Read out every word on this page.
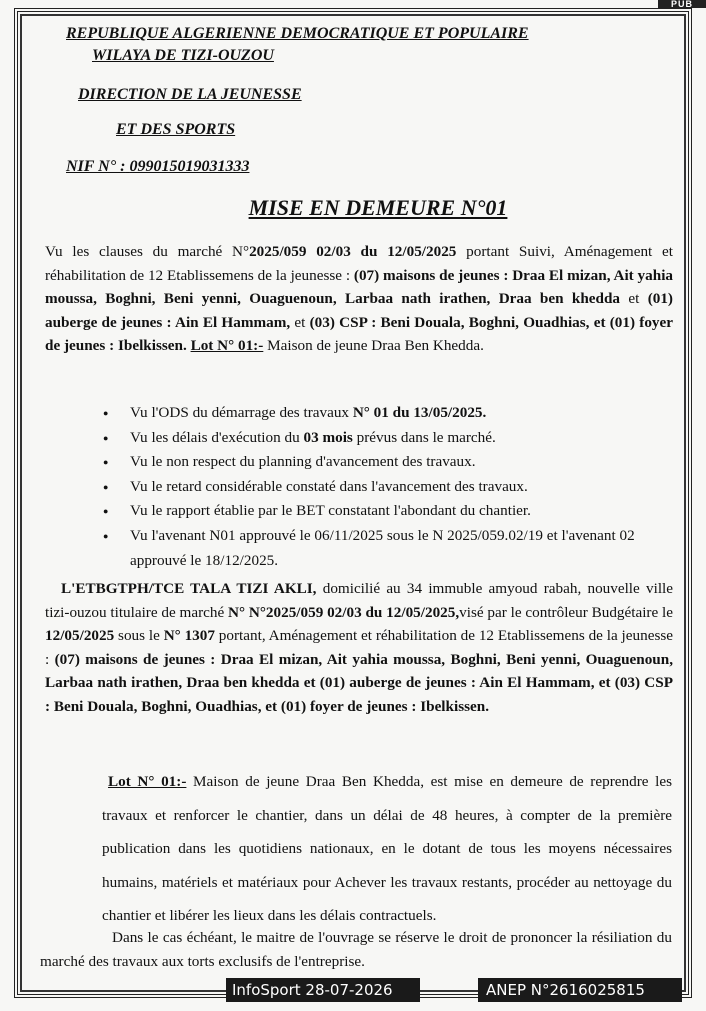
PUB
REPUBLIQUE ALGERIENNE DEMOCRATIQUE ET POPULAIRE
WILAYA DE TIZI-OUZOU
DIRECTION DE LA JEUNESSE
ET DES SPORTS
NIF N° : 099015019031333
MISE EN DEMEURE N°01
Vu les clauses du marché N°2025/059 02/03 du 12/05/2025 portant Suivi, Aménagement et réhabilitation de 12 Etablissemens de la jeunesse : (07) maisons de jeunes : Draa El mizan, Ait yahia moussa, Boghni, Beni yenni, Ouaguenoun, Larbaa nath irathen, Draa ben khedda et (01) auberge de jeunes : Ain El Hammam, et (03) CSP : Beni Douala, Boghni, Ouadhias, et (01) foyer de jeunes : Ibelkissen. Lot N° 01:- Maison de jeune Draa Ben Khedda.
● Vu l'ODS du démarrage des travaux N° 01 du 13/05/2025.
● Vu les délais d'exécution du 03 mois prévus dans le marché.
● Vu le non respect du planning d'avancement des travaux.
● Vu le retard considérable constaté dans l'avancement des travaux.
● Vu le rapport établie par le BET constatant l'abondant du chantier.
● Vu l'avenant N01 approuvé le 06/11/2025 sous le N 2025/059.02/19 et l'avenant 02 approuvé le 18/12/2025.
L'ETBGTPH/TCE TALA TIZI AKLI, domicilié au 34 immuble amyoud rabah, nouvelle ville tizi-ouzou titulaire de marché N° N°2025/059 02/03 du 12/05/2025,visé par le contrôleur Budgétaire le 12/05/2025 sous le N° 1307 portant, Aménagement et réhabilitation de 12 Etablissemens de la jeunesse : (07) maisons de jeunes : Draa El mizan, Ait yahia moussa, Boghni, Beni yenni, Ouaguenoun, Larbaa nath irathen, Draa ben khedda et (01) auberge de jeunes : Ain El Hammam, et (03) CSP : Beni Douala, Boghni, Ouadhias, et (01) foyer de jeunes : Ibelkissen.
Lot N° 01:- Maison de jeune Draa Ben Khedda, est mise en demeure de reprendre les travaux et renforcer le chantier, dans un délai de 48 heures, à compter de la première publication dans les quotidiens nationaux, en le dotant de tous les moyens nécessaires humains, matériels et matériaux pour Achever les travaux restants, procéder au nettoyage du chantier et libérer les lieux dans les délais contractuels.
Dans le cas échéant, le maitre de l'ouvrage se réserve le droit de prononcer la résiliation du marché des travaux aux torts exclusifs de l'entreprise.
InfoSport 28-07-2026	ANEP N°2616025815
